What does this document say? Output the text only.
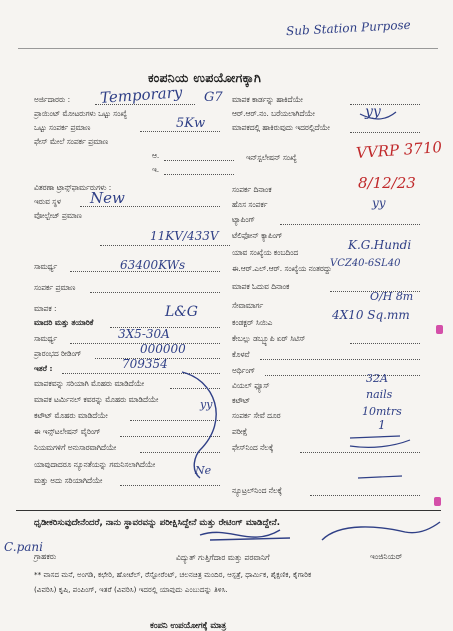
Sub Station Purpose
ಕಂಪನಿಯ ಉಪಯೋಗಕ್ಕಾಗಿ
ಅರ್ಜಿದಾರರು :
ಪ್ರಾಯಿಂಟ್ ಮೋಟರುಗಳು ಒಟ್ಟು ಸಂಖ್ಯೆ
ಒಟ್ಟು ಸಂಪರ್ಕ ಪ್ರಮಾಣ
ಫೇಸ್ ಮೇಲೆ ಸಂಪರ್ಕ ಪ್ರಮಾಣ
ಆ.
ಇ.
ವಿತರಣಾ ಟ್ರಾನ್ಸ್‌ಫಾರ್ಮರುಗಳು :
ಇರುವ ಸ್ಥಳ
ವೋಲ್ಟೇಜ್ ಪ್ರಮಾಣ
ಸಾಮರ್ಥ್ಯ
ಸಂಪರ್ಕ ಪ್ರಮಾಣ
ಮಾಪಕ :
ಮಾದರಿ ಮತ್ತು ತಯಾರಿಕೆ
ಸಾಮರ್ಥ್ಯ
ಪ್ರಾರಂಭದ ರೀಡಿಂಗ್
ಇತರೆ :
ಮಾಪಕವನ್ನು ಸರಿಯಾಗಿ ಮೊಹರು ಮಾಡಿದೆಯೇ
ಮಾಪಕ ಟರ್ಮಿನಲ್ ಕವರನ್ನು ಮೊಹರು ಮಾಡಿದೆಯೇ
ಕಟೌಟ್ ಮೊಹರು ಮಾಡಿದೆಯೇ
ಈ ಇನ್ಸ್‌ಟಲೇಷನ್ ವೈರಿಂಗ್
ನಿಯಮಗಳಿಗೆ ಅನುಸಾರವಾಗಿದೆಯೇ
ಯಾವುದಾದರೂ ನ್ಯೂನತೆಯನ್ನು ಗಮನಿಸಲಾಗಿದೆಯೇ
ಮತ್ತು ಅದು ಸರಿಯಾಗಿದೆಯೇ
ಮಾಪಕ ಕಾರ್ಡನ್ನು ಹಾಕಿದೆಯೇ
ಆರ್.ಆರ್.ನಂ. ಬರೆಯಲಾಗಿದೆಯೇ
ಮಾಪಕದಲ್ಲಿ ಹಾಕಿರುವುದು ಇದರಲ್ಲಿದೆಯೇ
ಇನ್‌ಸ್ಟಲೇಷನ್ ಸಂಖ್ಯೆ
ಸಂಪರ್ಕ ದಿನಾಂಕ
ಹೊಸ ಸಂಪರ್ಕ
ಟ್ಯಾಪಿಂಗ್
ಟೆಲಿಫೋನ್ ಕ್ಯಾಪಿಂಗ್
ಯಾವ ಸಂಖ್ಯೆಯ ಕಂಬದಿಂದ
ಈ.ಆರ್.ಎಲ್.ಆರ್. ಸಂಖ್ಯೆಯ ನಂತರದ್ದು
ಮಾಪಕ ಓದುವ ದಿನಾಂಕ
ಸೇವಾಮಾರ್ಗ
ಕಂಡಕ್ಟರ್ ಸಿಯಿಎ
ಕೇಬಲ್ಲು ಡಬ್ಬ್ಯೂಪಿ ಏರ್ ಸಿಟಿಸ್
ಕೊಳವೆ
ಅರ್ಥಿಂಗ್
ವಿಯಲ್ ಫ್ಯೂಸ್
ಕಟೌಟ್
ಸಂಪರ್ಕ ಸೇವೆ ದೂರ
ಪರೀಕ್ಷೆ
ಫೇಸ್‌ನಿಂದ ನೆಲಕ್ಕೆ
ನ್ಯೂಟ್ರಲ್‌ನಿಂದ ನೆಲಕ್ಕೆ
Temporary G7
5Kw
New
11KV/433V
63400KWs
L&G
3X5-30A
000000
709354
yy
Ne
yy
VVRP 3710
8/12/23
yy
K.G.Hundi
VCZ40-6SL40
O/H 8m
4X10 Sq.mm
32A
nails
10mtrs
1
ಧೃಡೀಕರಿಸುವುದೇನೆಂದರೆ, ನಾನು ಸ್ಥಾವರವನ್ನು ಪರೀಕ್ಷಿಸಿದ್ದೇನೆ ಮತ್ತು ರೇಟಿಂಗ್ ಮಾಡಿದ್ದೇನೆ.
C.pani
ಗ್ರಾಹಕರು	ವಿದ್ಯುತ್ ಗುತ್ತಿಗೆದಾರ ಮತ್ತು ಪರವಾನಿಗೆ	ಇಂಜಿನಿಯರ್
** ವಾಸದ ಮನೆ, ಅಂಗಡಿ, ಕಛೇರಿ, ಹೋಟೆಲ್, ರೆಸ್ಟೋರೆಂಟ್, ಚಲನಚಿತ್ರ ಮಂದಿರ, ಆಸ್ಪತ್ರೆ, ಧಾರ್ಮಿಕ, ಶೈಕ್ಷಣಿಕ, ಕೈಗಾರಿಕ
(ವಿವರಿಸಿ) ಕೃಷಿ, ಪಂಪಿಂಗ್, ಇತರೆ (ವಿವರಿಸಿ) ಇದರಲ್ಲಿ ಯಾವುದು ಎಂಬುದನ್ನು ತಿಳಿಸಿ.
ಕಂಪನಿ ಉಪಯೋಗಕ್ಕೆ ಮಾತ್ರ
